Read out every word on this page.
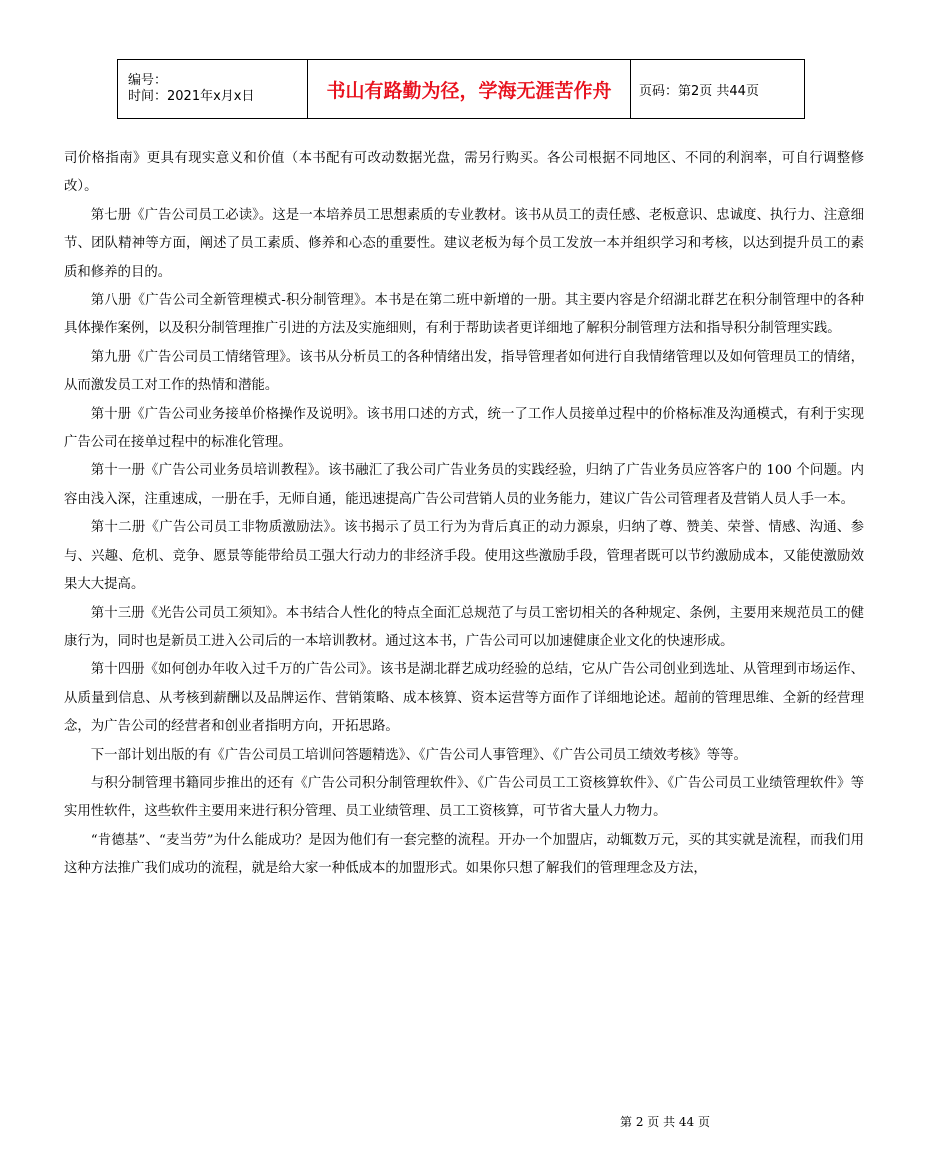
编号：
时间：2021年x月x日	书山有路勤为径，学海无涯苦作舟	页码：第2页 共44页

司价格指南》更具有现实意义和价值（本书配有可改动数据光盘，需另行购买。各公司根据不同地区、不同的利润率，可自行调整修改）。

第七册《广告公司员工必读》。这是一本培养员工思想素质的专业教材。该书从员工的责任感、老板意识、忠诚度、执行力、注意细节、团队精神等方面，阐述了员工素质、修养和心态的重要性。建议老板为每个员工发放一本并组织学习和考核，以达到提升员工的素质和修养的目的。

第八册《广告公司全新管理模式-积分制管理》。本书是在第二班中新增的一册。其主要内容是介绍湖北群艺在积分制管理中的各种具体操作案例，以及积分制管理推广引进的方法及实施细则，有利于帮助读者更详细地了解积分制管理方法和指导积分制管理实践。

第九册《广告公司员工情绪管理》。该书从分析员工的各种情绪出发，指导管理者如何进行自我情绪管理以及如何管理员工的情绪，从而激发员工对工作的热情和潜能。

第十册《广告公司业务接单价格操作及说明》。该书用口述的方式，统一了工作人员接单过程中的价格标准及沟通模式，有利于实现广告公司在接单过程中的标准化管理。

第十一册《广告公司业务员培训教程》。该书融汇了我公司广告业务员的实践经验，归纳了广告业务员应答客户的 100 个问题。内容由浅入深，注重速成，一册在手，无师自通，能迅速提高广告公司营销人员的业务能力，建议广告公司管理者及营销人员人手一本。

第十二册《广告公司员工非物质激励法》。该书揭示了员工行为为背后真正的动力源泉，归纳了尊、赞美、荣誉、情感、沟通、参与、兴趣、危机、竞争、愿景等能带给员工强大行动力的非经济手段。使用这些激励手段，管理者既可以节约激励成本，又能使激励效果大大提高。

第十三册《光告公司员工须知》。本书结合人性化的特点全面汇总规范了与员工密切相关的各种规定、条例，主要用来规范员工的健康行为，同时也是新员工进入公司后的一本培训教材。通过这本书，广告公司可以加速健康企业文化的快速形成。

第十四册《如何创办年收入过千万的广告公司》。该书是湖北群艺成功经验的总结，它从广告公司创业到选址、从管理到市场运作、从质量到信息、从考核到薪酬以及品牌运作、营销策略、成本核算、资本运营等方面作了详细地论述。超前的管理思维、全新的经营理念，为广告公司的经营者和创业者指明方向，开拓思路。

下一部计划出版的有《广告公司员工培训问答题精选》、《广告公司人事管理》、《广告公司员工绩效考核》等等。

与积分制管理书籍同步推出的还有《广告公司积分制管理软件》、《广告公司员工工资核算软件》、《广告公司员工业绩管理软件》等实用性软件，这些软件主要用来进行积分管理、员工业绩管理、员工工资核算，可节省大量人力物力。

“肯德基”、“麦当劳”为什么能成功？是因为他们有一套完整的流程。开办一个加盟店，动辄数万元，买的其实就是流程，而我们用这种方法推广我们成功的流程，就是给大家一种低成本的加盟形式。如果你只想了解我们的管理理念及方法，

第 2 页 共 44 页
